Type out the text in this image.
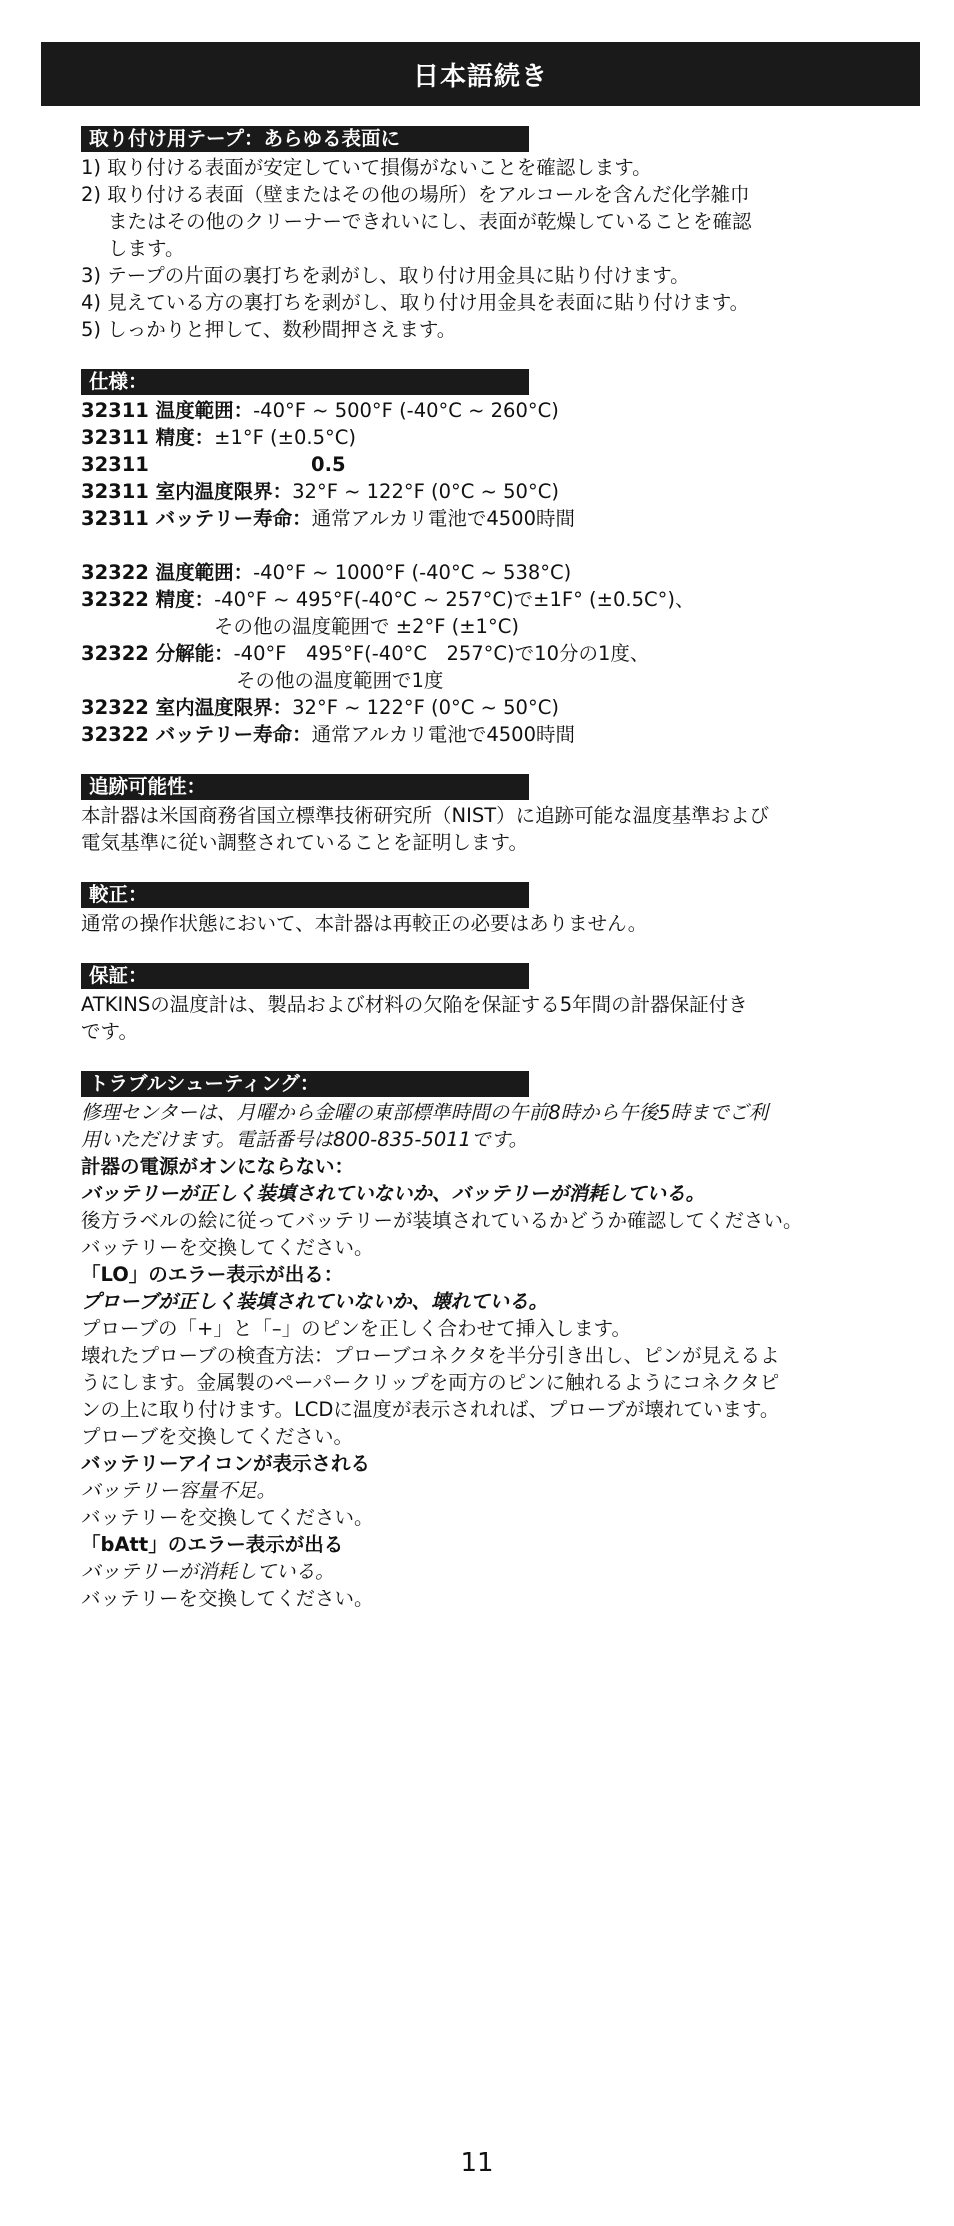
日本語続き
取り付け用テープ：あらゆる表面に
1) 取り付ける表面が安定していて損傷がないことを確認します。
2) 取り付ける表面（壁またはその他の場所）をアルコールを含んだ化学雑巾
またはその他のクリーナーできれいにし、表面が乾燥していることを確認
します。
3) テープの片面の裏打ちを剥がし、取り付け用金具に貼り付けます。
4) 見えている方の裏打ちを剥がし、取り付け用金具を表面に貼り付けます。
5) しっかりと押して、数秒間押さえます。
仕様：
32311 温度範囲：-40°F ~ 500°F (-40°C ~ 260°C)
32311 精度：±1°F (±0.5°C)
32311	0.5
32311 室内温度限界：32°F ~ 122°F (0°C ~ 50°C)
32311 バッテリー寿命：通常アルカリ電池で4500時間
32322 温度範囲：-40°F ~ 1000°F (-40°C ~ 538°C)
32322 精度：-40°F ~ 495°F(-40°C ~ 257°C)で±1F° (±0.5C°)、
その他の温度範囲で ±2°F (±1°C)
32322 分解能：-40°F　495°F(-40°C　257°C)で10分の1度、
その他の温度範囲で1度
32322 室内温度限界：32°F ~ 122°F (0°C ~ 50°C)
32322 バッテリー寿命：通常アルカリ電池で4500時間
追跡可能性：
本計器は米国商務省国立標準技術研究所（NIST）に追跡可能な温度基準および
電気基準に従い調整されていることを証明します。
較正：
通常の操作状態において、本計器は再較正の必要はありません。
保証：
ATKINSの温度計は、製品および材料の欠陥を保証する5年間の計器保証付き
です。
トラブルシューティング：
修理センターは、月曜から金曜の東部標準時間の午前8時から午後5時までご利
用いただけます。電話番号は800-835-5011です。
計器の電源がオンにならない：
バッテリーが正しく装填されていないか、バッテリーが消耗している。
後方ラベルの絵に従ってバッテリーが装填されているかどうか確認してください。
バッテリーを交換してください。
「LO」のエラー表示が出る：
プローブが正しく装填されていないか、壊れている。
プローブの「+」と「–」のピンを正しく合わせて挿入します。
壊れたプローブの検査方法：プローブコネクタを半分引き出し、ピンが見えるよ
うにします。金属製のペーパークリップを両方のピンに触れるようにコネクタピ
ンの上に取り付けます。LCDに温度が表示されれば、プローブが壊れています。
プローブを交換してください。
バッテリーアイコンが表示される
バッテリー容量不足。
バッテリーを交換してください。
「bAtt」のエラー表示が出る
バッテリーが消耗している。
バッテリーを交換してください。
11
